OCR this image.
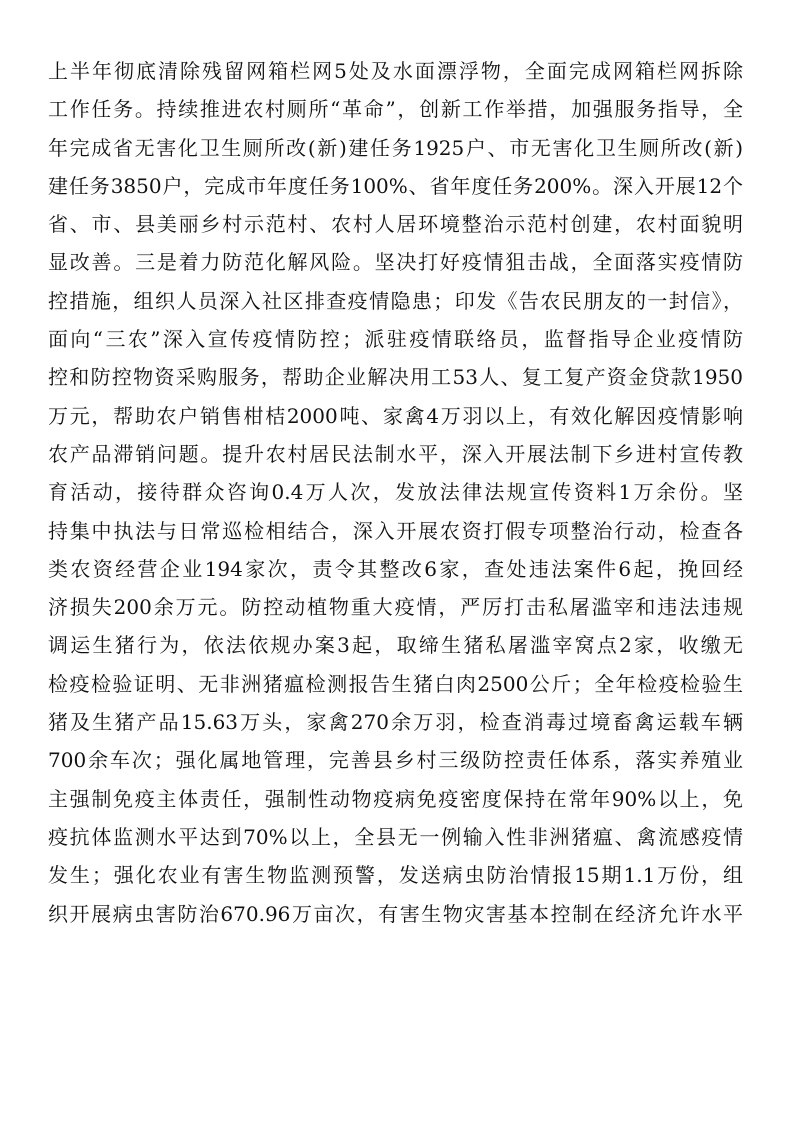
上半年彻底清除残留网箱栏网5处及水面漂浮物，全面完成网箱栏网拆除
工作任务。持续推进农村厕所“革命”，创新工作举措，加强服务指导，全
年完成省无害化卫生厕所改(新)建任务1925户、市无害化卫生厕所改(新)
建任务3850户，完成市年度任务100%、省年度任务200%。深入开展12个
省、市、县美丽乡村示范村、农村人居环境整治示范村创建，农村面貌明
显改善。三是着力防范化解风险。坚决打好疫情狙击战，全面落实疫情防
控措施，组织人员深入社区排查疫情隐患；印发《告农民朋友的一封信》，
面向“三农”深入宣传疫情防控；派驻疫情联络员，监督指导企业疫情防
控和防控物资采购服务，帮助企业解决用工53人、复工复产资金贷款1950
万元，帮助农户销售柑桔2000吨、家禽4万羽以上，有效化解因疫情影响
农产品滞销问题。提升农村居民法制水平，深入开展法制下乡进村宣传教
育活动，接待群众咨询0.4万人次，发放法律法规宣传资料1万余份。坚
持集中执法与日常巡检相结合，深入开展农资打假专项整治行动，检查各
类农资经营企业194家次，责令其整改6家，查处违法案件6起，挽回经
济损失200余万元。防控动植物重大疫情，严厉打击私屠滥宰和违法违规
调运生猪行为，依法依规办案3起，取缔生猪私屠滥宰窝点2家，收缴无
检疫检验证明、无非洲猪瘟检测报告生猪白肉2500公斤；全年检疫检验生
猪及生猪产品15.63万头，家禽270余万羽，检查消毒过境畜禽运载车辆
700余车次；强化属地管理，完善县乡村三级防控责任体系，落实养殖业
主强制免疫主体责任，强制性动物疫病免疫密度保持在常年90%以上，免
疫抗体监测水平达到70%以上，全县无一例输入性非洲猪瘟、禽流感疫情
发生；强化农业有害生物监测预警，发送病虫防治情报15期1.1万份，组
织开展病虫害防治670.96万亩次，有害生物灾害基本控制在经济允许水平
